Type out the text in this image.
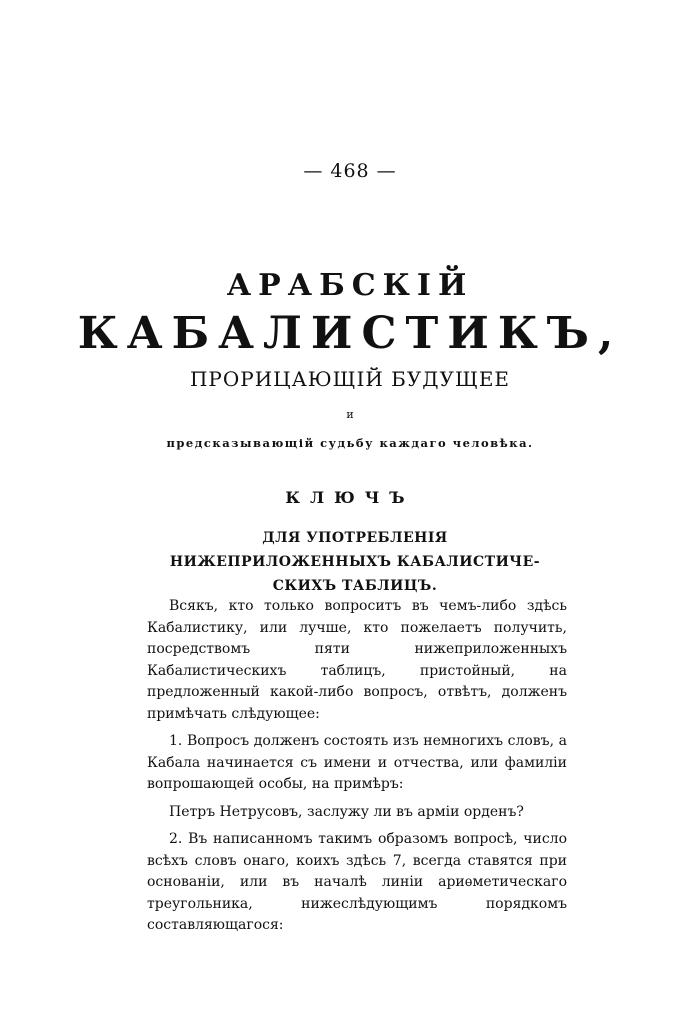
— 468 —
АРАБСКІЙ
КАБАЛИСТИКЪ,
ПРОРИЦАЮЩІЙ БУДУЩЕЕ
и
предсказывающій судьбу каждаго человѣка.
КЛЮЧЪ
ДЛЯ УПОТРЕБЛЕНІЯ НИЖЕПРИЛОЖЕННЫХЪ КАБАЛИСТИЧЕ-СКИХЪ ТАБЛИЦЪ.

Всякъ, кто только вопроситъ въ чемъ-либо здѣсь Кабалистику, или лучше, кто пожелаетъ получить, посредствомъ пяти нижеприложенныхъ Кабалистическихъ таблицъ, пристойный, на предложенный какой-либо вопросъ, отвѣтъ, долженъ примѣчать слѣдующее:

1. Вопросъ долженъ состоять изъ немногихъ словъ, а Кабала начинается съ имени и отчества, или фамиліи вопрошающей особы, на примѣръ:

Петръ Нетрусовъ, заслужу ли въ арміи орденъ?

2. Въ написанномъ такимъ образомъ вопросѣ, число всѣхъ словъ онаго, коихъ здѣсь 7, всегда ставятся при основаніи, или въ началѣ линіи ариѳметическаго треугольника, нижеслѣдующимъ порядкомъ составляющагося:
